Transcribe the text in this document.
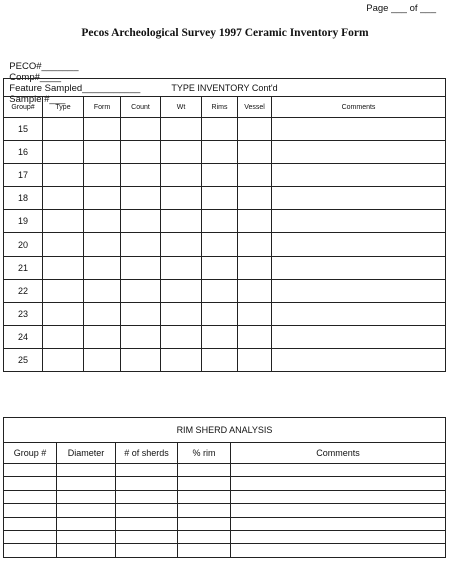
Page ___ of ___
Pecos Archeological Survey 1997 Ceramic Inventory Form

PECO#_______
Comp#____
Feature Sampled___________
Sample #___

TYPE INVENTORY Cont'd							
Group#	Type	Form	Count	Wt	Rims	Vessel	Comments
15							
16							
17							
18							
19							
20							
21							
22							
23							
24							
25							
RIM SHERD ANALYSIS				
Group #	Diameter	# of sherds	% rim	Comments
